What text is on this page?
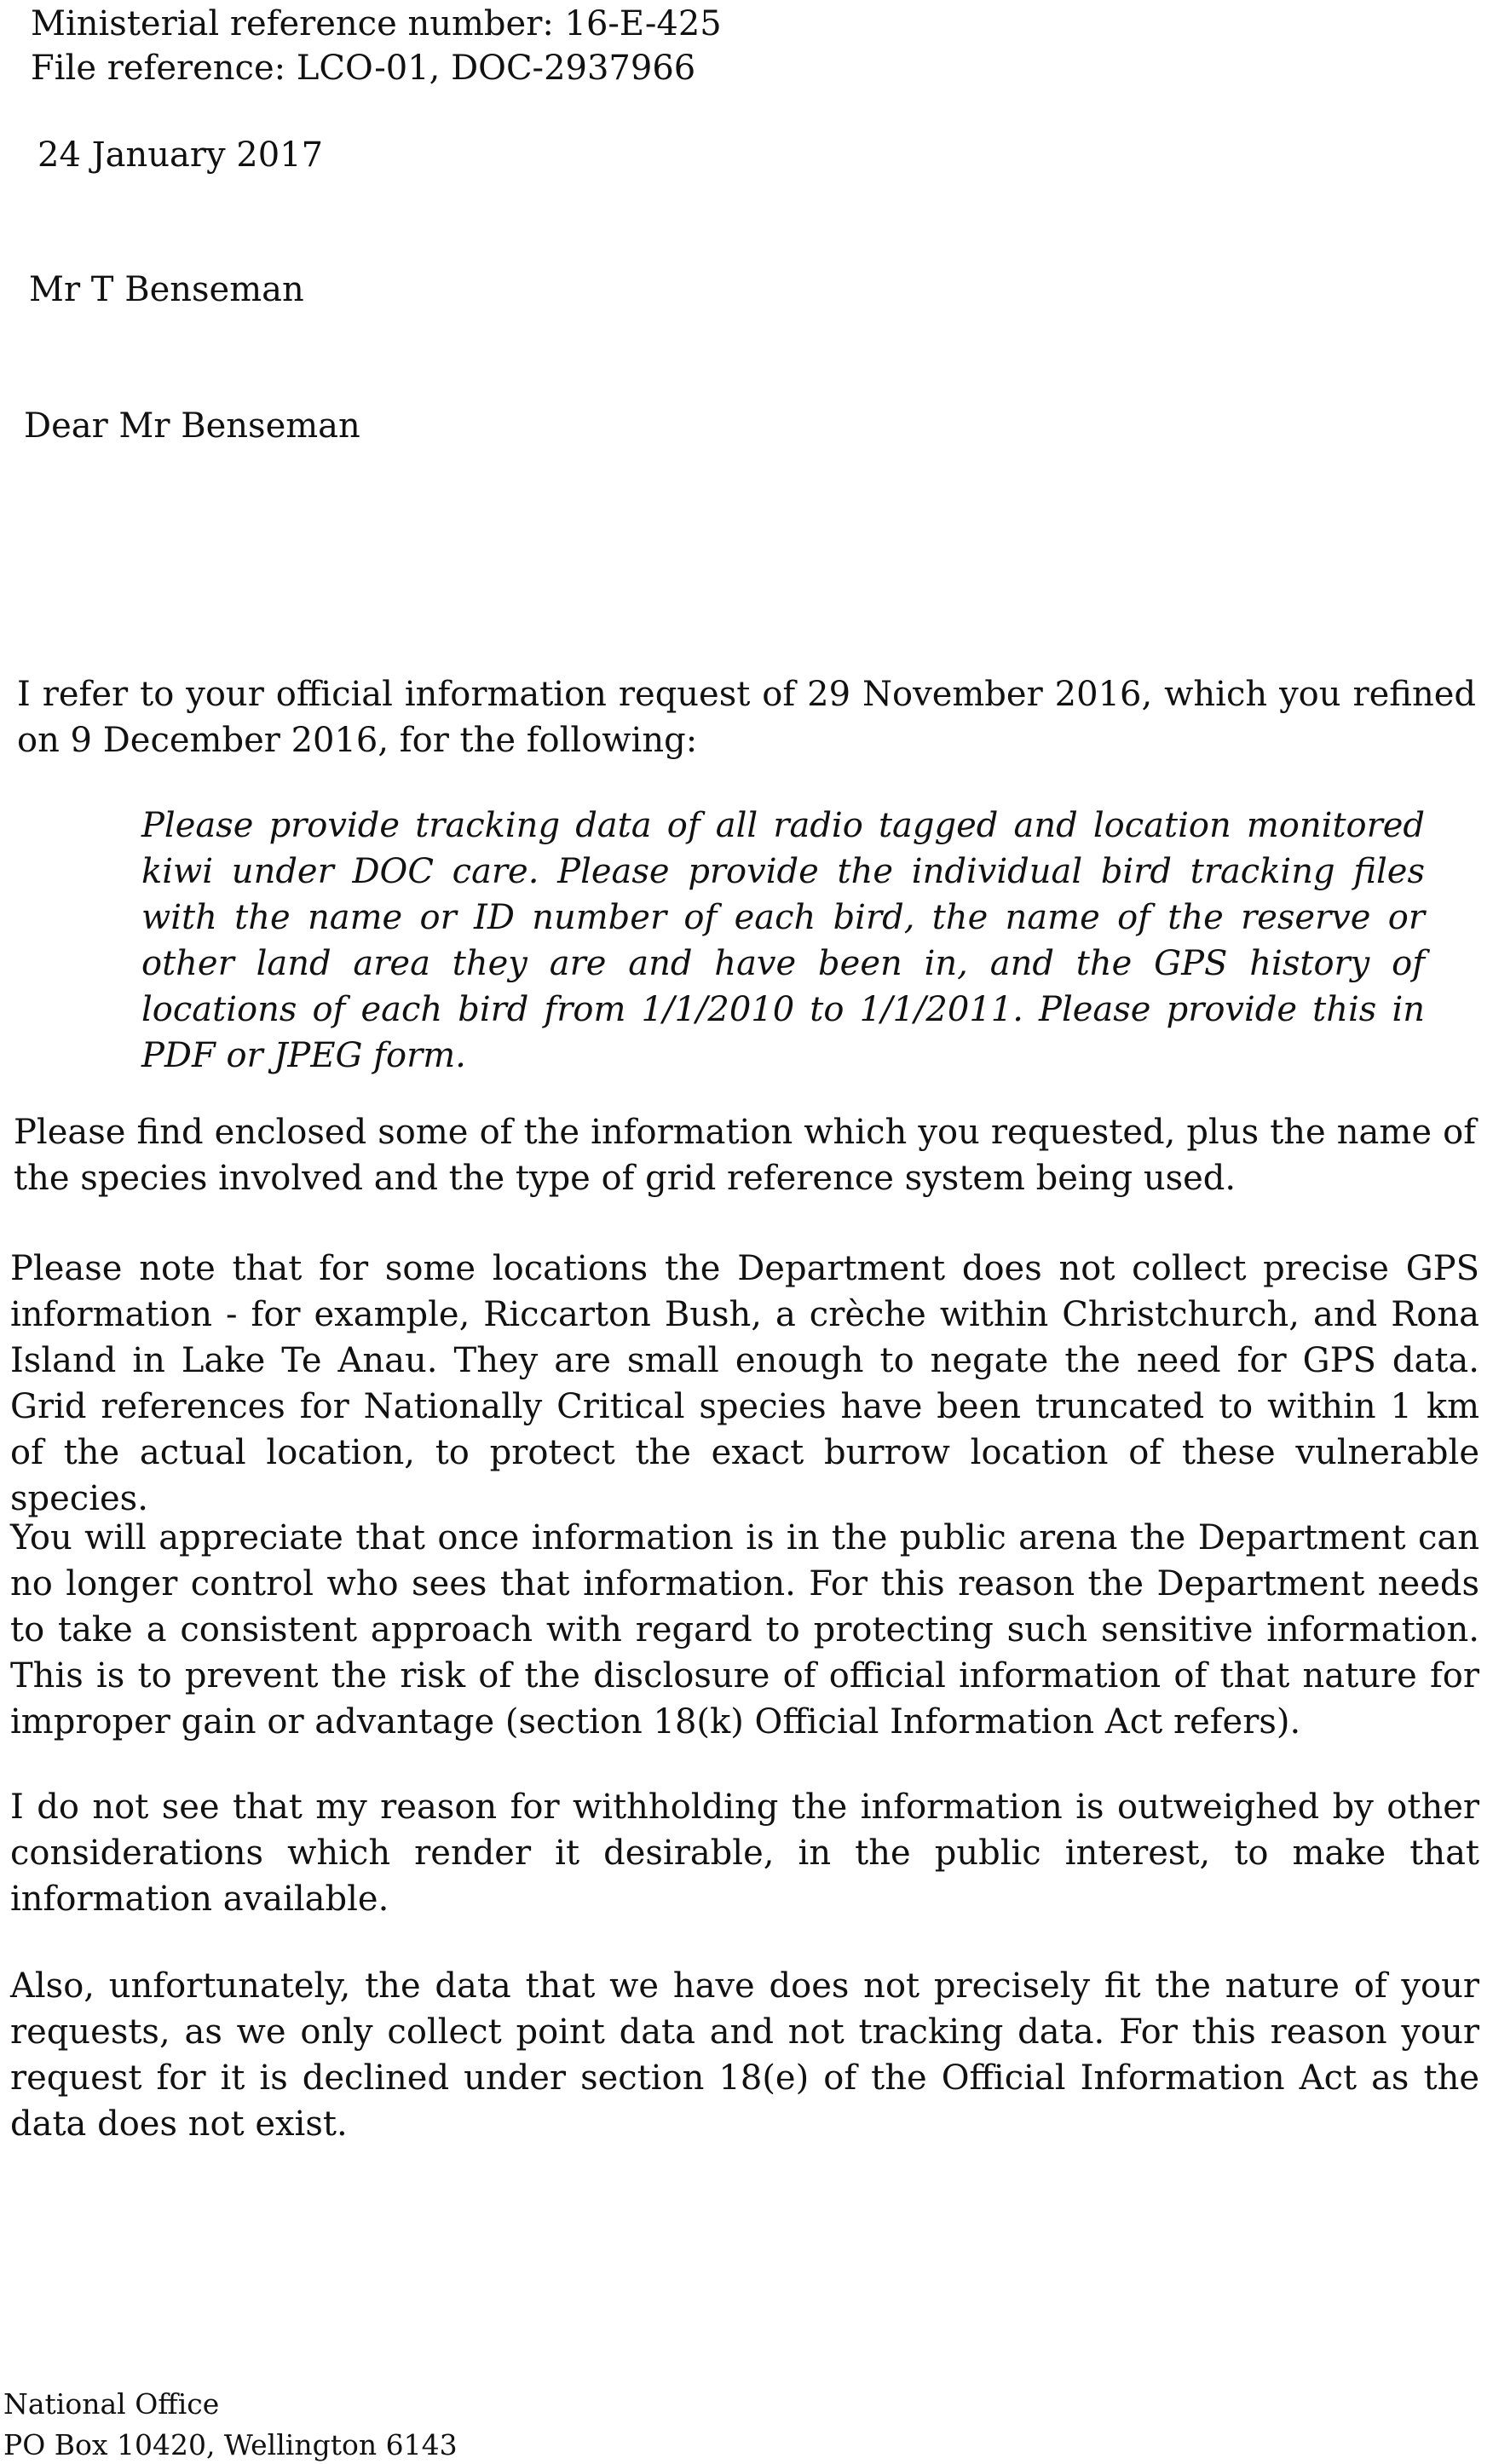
Ministerial reference number: 16-E-425

File reference: LCO-01, DOC-2937966

24 January 2017

Mr T Benseman

Dear Mr Benseman

I refer to your official information request of 29 November 2016, which you refined on 9 December 2016, for the following:

Please provide tracking data of all radio tagged and location monitored kiwi under DOC care. Please provide the individual bird tracking files with the name or ID number of each bird, the name of the reserve or other land area they are and have been in, and the GPS history of locations of each bird from 1/1/2010 to 1/1/2011. Please provide this in PDF or JPEG form.

Please find enclosed some of the information which you requested, plus the name of the species involved and the type of grid reference system being used.

Please note that for some locations the Department does not collect precise GPS information - for example, Riccarton Bush, a crèche within Christchurch, and Rona Island in Lake Te Anau. They are small enough to negate the need for GPS data. Grid references for Nationally Critical species have been truncated to within 1 km of the actual location, to protect the exact burrow location of these vulnerable species.

You will appreciate that once information is in the public arena the Department can no longer control who sees that information. For this reason the Department needs to take a consistent approach with regard to protecting such sensitive information. This is to prevent the risk of the disclosure of official information of that nature for improper gain or advantage (section 18(k) Official Information Act refers).

I do not see that my reason for withholding the information is outweighed by other considerations which render it desirable, in the public interest, to make that information available.

Also, unfortunately, the data that we have does not precisely fit the nature of your requests, as we only collect point data and not tracking data. For this reason your request for it is declined under section 18(e) of the Official Information Act as the data does not exist.

National Office

PO Box 10420, Wellington 6143
